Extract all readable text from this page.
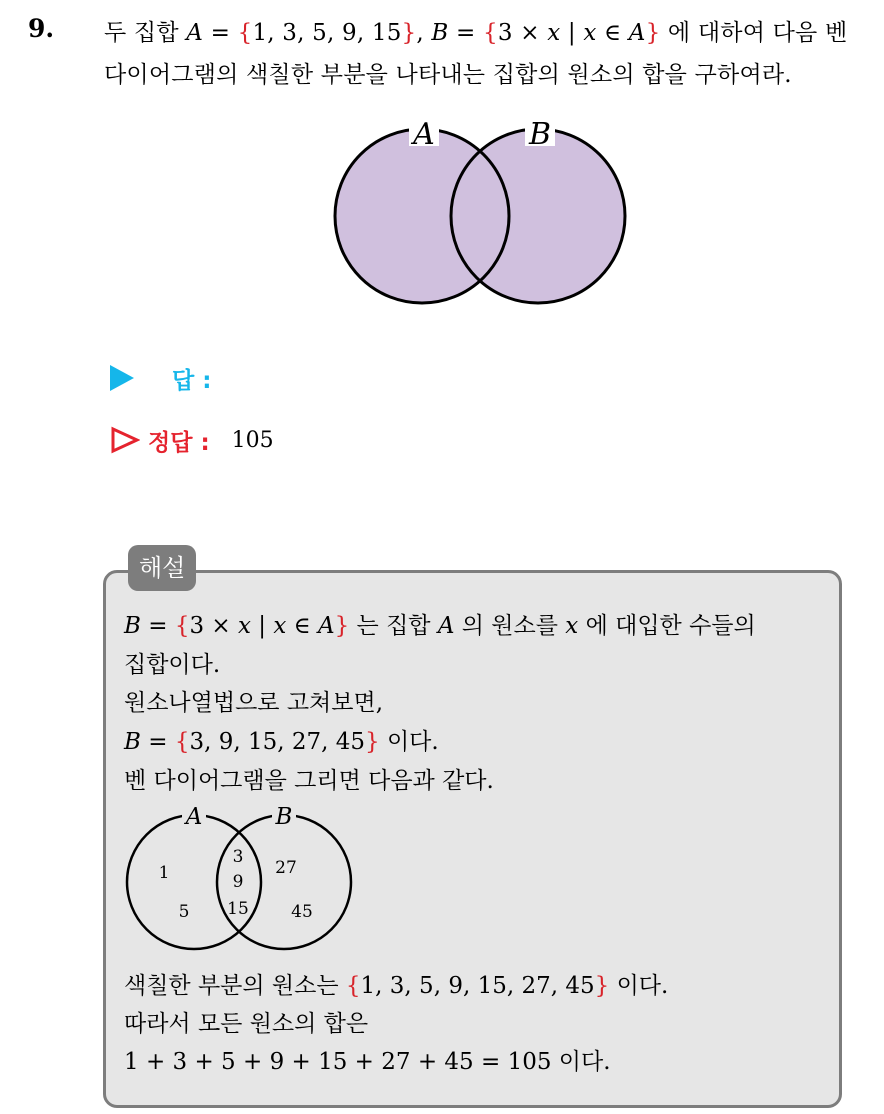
9. 두 집합 A = {1, 3, 5, 9, 15}, B = {3 × x | x ∈ A} 에 대하여 다음 벤
다이어그램의 색칠한 부분을 나타내는 집합의 원소의 합을 구하여라.
A	B
답 :
정답 : 105
해설
B = {3 × x | x ∈ A} 는 집합 A 의 원소를 x 에 대입한 수들의
집합이다.
원소나열법으로 고쳐보면,
B = {3, 9, 15, 27, 45} 이다.
벤 다이어그램을 그리면 다음과 같다.
A	B
1
5
3
9
15
27
45
색칠한 부분의 원소는 {1, 3, 5, 9, 15, 27, 45} 이다.
따라서 모든 원소의 합은
1 + 3 + 5 + 9 + 15 + 27 + 45 = 105 이다.
